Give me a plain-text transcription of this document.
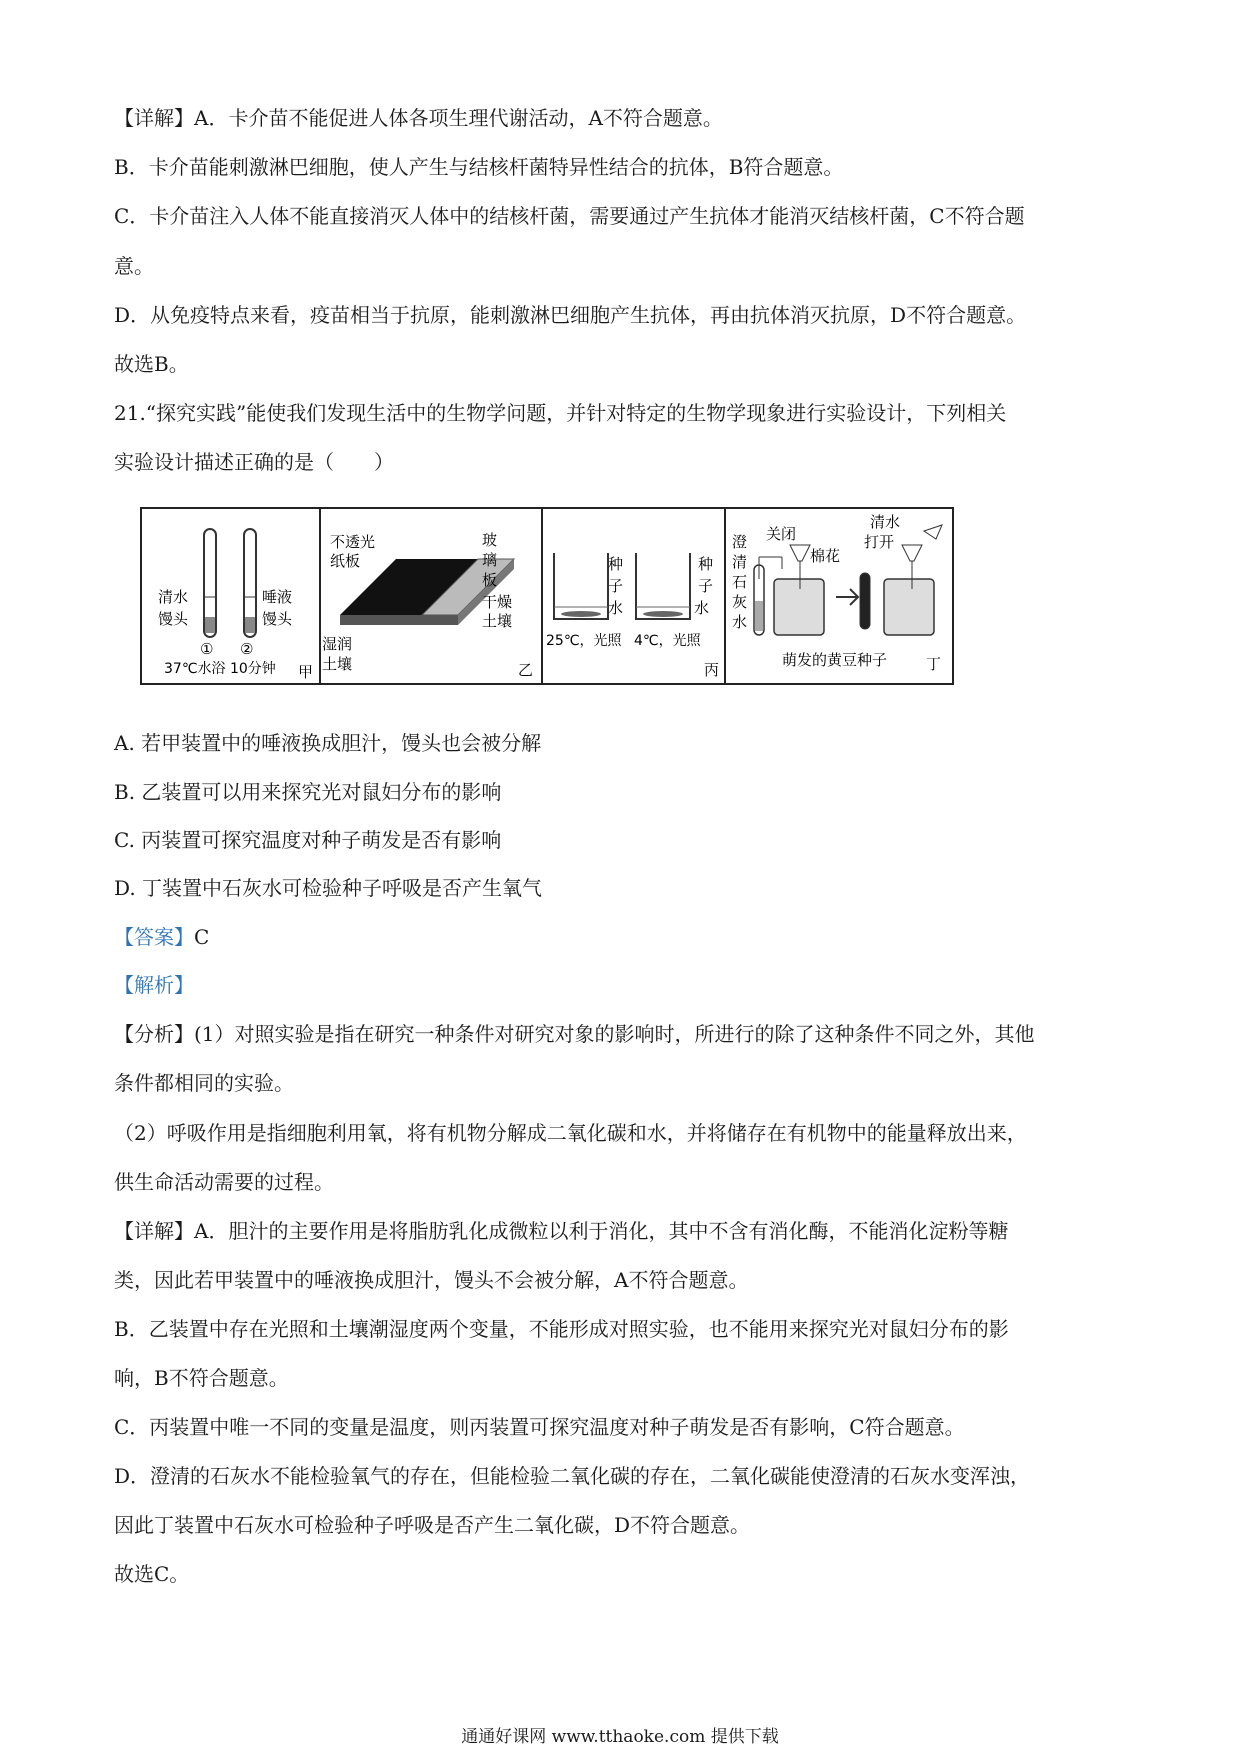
【详解】A．卡介苗不能促进人体各项生理代谢活动，A不符合题意。
B．卡介苗能刺激淋巴细胞，使人产生与结核杆菌特异性结合的抗体，B符合题意。
C．卡介苗注入人体不能直接消灭人体中的结核杆菌，需要通过产生抗体才能消灭结核杆菌，C不符合题
意。
D．从免疫特点来看，疫苗相当于抗原，能刺激淋巴细胞产生抗体，再由抗体消灭抗原，D不符合题意。
故选B。
21.“探究实践”能使我们发现生活中的生物学问题，并针对特定的生物学现象进行实验设计，下列相关
实验设计描述正确的是（　　）
清水
馒头
唾液
馒头
① ②
37℃水浴 10分钟 甲
不透光
纸板
玻
璃
板
干燥
土壤
湿润
土壤	乙
种
子
水
种
子
水
25℃，光照 4℃，光照
丙
澄
清
石
灰
水
关闭
棉花
清水
打开
萌发的黄豆种子	丁
A. 若甲装置中的唾液换成胆汁，馒头也会被分解
B. 乙装置可以用来探究光对鼠妇分布的影响
C. 丙装置可探究温度对种子萌发是否有影响
D. 丁装置中石灰水可检验种子呼吸是否产生氧气
【答案】C
【解析】
【分析】(1）对照实验是指在研究一种条件对研究对象的影响时，所进行的除了这种条件不同之外，其他
条件都相同的实验。
（2）呼吸作用是指细胞利用氧，将有机物分解成二氧化碳和水，并将储存在有机物中的能量释放出来，
供生命活动需要的过程。
【详解】A．胆汁的主要作用是将脂肪乳化成微粒以利于消化，其中不含有消化酶，不能消化淀粉等糖
类，因此若甲装置中的唾液换成胆汁，馒头不会被分解，A不符合题意。
B．乙装置中存在光照和土壤潮湿度两个变量，不能形成对照实验，也不能用来探究光对鼠妇分布的影
响，B不符合题意。
C．丙装置中唯一不同的变量是温度，则丙装置可探究温度对种子萌发是否有影响，C符合题意。
D．澄清的石灰水不能检验氧气的存在，但能检验二氧化碳的存在，二氧化碳能使澄清的石灰水变浑浊，
因此丁装置中石灰水可检验种子呼吸是否产生二氧化碳，D不符合题意。
故选C。
通通好课网 www.tthaoke.com 提供下载
